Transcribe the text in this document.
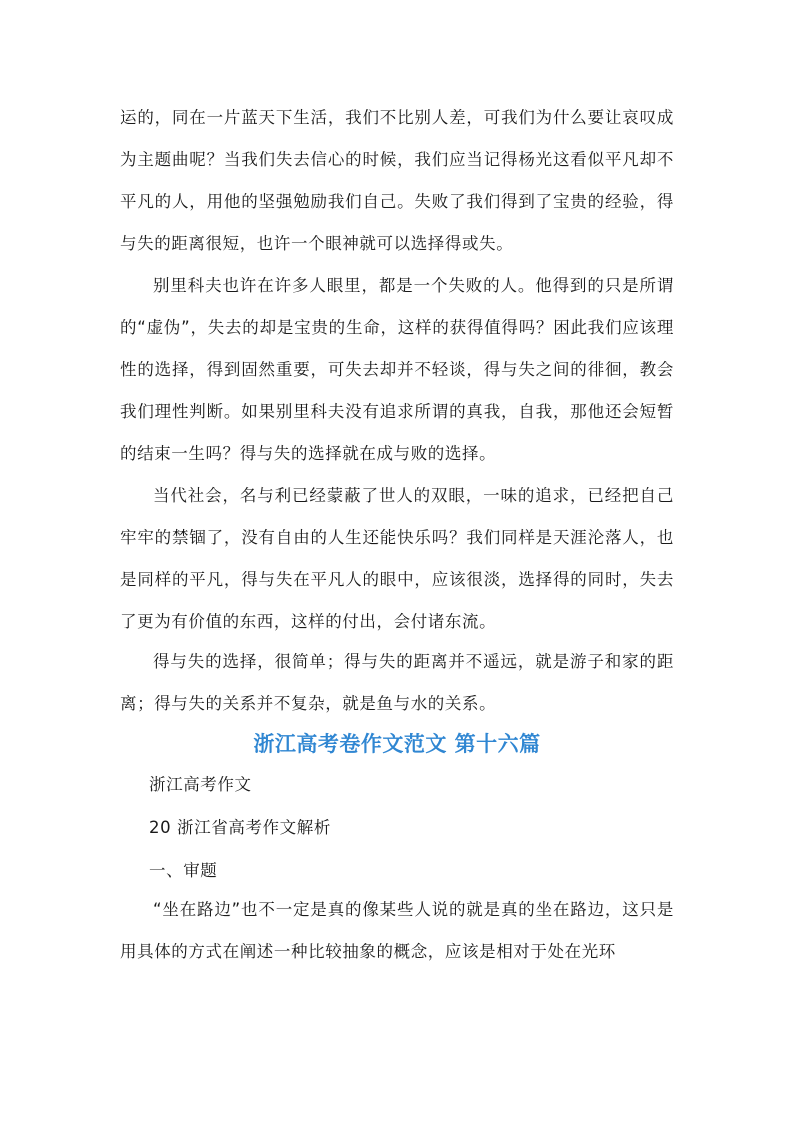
运的，同在一片蓝天下生活，我们不比别人差，可我们为什么要让哀叹成为主题曲呢？当我们失去信心的时候，我们应当记得杨光这看似平凡却不平凡的人，用他的坚强勉励我们自己。失败了我们得到了宝贵的经验，得与失的距离很短，也许一个眼神就可以选择得或失。

别里科夫也许在许多人眼里，都是一个失败的人。他得到的只是所谓的“虚伪”，失去的却是宝贵的生命，这样的获得值得吗？困此我们应该理性的选择，得到固然重要，可失去却并不轻谈，得与失之间的徘徊，教会我们理性判断。如果别里科夫没有追求所谓的真我，自我，那他还会短暂的结束一生吗？得与失的选择就在成与败的选择。

当代社会，名与利已经蒙蔽了世人的双眼，一味的追求，已经把自己牢牢的禁锢了，没有自由的人生还能快乐吗？我们同样是天涯沦落人，也是同样的平凡，得与失在平凡人的眼中，应该很淡，选择得的同时，失去了更为有价值的东西，这样的付出，会付诸东流。

得与失的选择，很简单；得与失的距离并不遥远，就是游子和家的距离；得与失的关系并不复杂，就是鱼与水的关系。

浙江高考卷作文范文 第十六篇

浙江高考作文

20 浙江省高考作文解析

一、审题

“坐在路边”也不一定是真的像某些人说的就是真的坐在路边，这只是用具体的方式在阐述一种比较抽象的概念，应该是相对于处在光环
